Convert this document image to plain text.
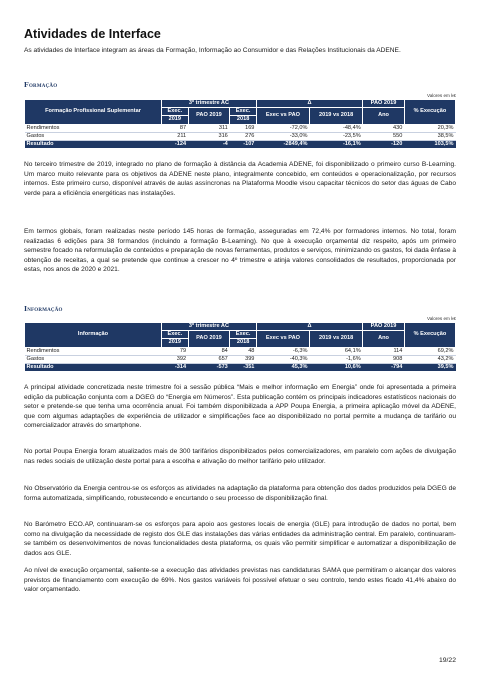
Atividades de Interface

As atividades de Interface integram as áreas da Formação, Informação ao Consumidor e das Relações Institucionais da ADENE.

Formação
Valores em k€
Formação Profissional Suplementar	3º trimestre AC			Δ		PAO 2019	% Execução
	Exec.	PAO 2019	Exec.	Exec vs PAO	2019 vs 2018	Ano	
	2019		2018				
Rendimentos	87	311	169	-72,0%	-48,4%	430	20,3%
Gastos	211	316	276	-33,0%	-23,5%	550	38,5%
Resultado	-124	-4	-107	-2849,4%	-16,1%	-120	103,5%

No terceiro trimestre de 2019, integrado no plano de formação à distância da Academia ADENE, foi disponibilizado o primeiro curso B-Learning. Um marco muito relevante para os objetivos da ADENE neste plano, integralmente concebido, em conteúdos e operacionalização, por recursos internos. Este primeiro curso, disponível através de aulas assíncronas na Plataforma Moodle visou capacitar técnicos do setor das águas de Cabo verde para a eficiência energéticas nas instalações.

Em termos globais, foram realizadas neste período 145 horas de formação, asseguradas em 72,4% por formadores internos. No total, foram realizadas 6 edições para 38 formandos (incluindo a formação B-Learning). No que à execução orçamental diz respeito, após um primeiro semestre focado na reformulação de conteúdos e preparação de novas ferramentas, produtos e serviços, minimizando os gastos, foi dada ênfase à obtenção de receitas, a qual se pretende que continue a crescer no 4º trimestre e atinja valores consolidados de resultados, proporcionada por estas, nos anos de 2020 e 2021.

Informação
Valores em k€
Informação	3º trimestre AC			Δ		PAO 2019	% Execução
	Exec.	PAO 2019	Exec.	Exec vs PAO	2019 vs 2018	Ano	
	2019		2018				
Rendimentos	79	84	48	-6,3%	64,1%	114	69,2%
Gastos	392	657	399	-40,3%	-1,6%	908	43,2%
Resultado	-314	-573	-351	45,3%	10,6%	-794	39,5%

A principal atividade concretizada neste trimestre foi a sessão pública “Mais e melhor informação em Energia” onde foi apresentada a primeira edição da publicação conjunta com a DGEG do “Energia em Números”. Esta publicação contém os principais indicadores estatísticos nacionais do setor e pretende-se que tenha uma ocorrência anual. Foi também disponibilizada a APP Poupa Energia, a primeira aplicação móvel da ADENE, que com algumas adaptações de experiência de utilizador e simplificações face ao disponibilizado no portal permite a mudança de tarifário ou comercializador através do smartphone.

No portal Poupa Energia foram atualizados mais de 300 tarifários disponibilizados pelos comercializadores, em paralelo com ações de divulgação nas redes sociais de utilização deste portal para a escolha e ativação do melhor tarifário pelo utilizador.

No Observatório da Energia centrou-se os esforços as atividades na adaptação da plataforma para obtenção dos dados produzidos pela DGEG de forma automatizada, simplificando, robustecendo e encurtando o seu processo de disponibilização final.

No Barómetro ECO.AP, continuaram-se os esforços para apoio aos gestores locais de energia (GLE) para introdução de dados no portal, bem como na divulgação da necessidade de registo dos GLE das instalações das várias entidades da administração central. Em paralelo, continuaram-se também os desenvolvimentos de novas funcionalidades desta plataforma, os quais vão permitir simplificar e automatizar a disponibilização de dados aos GLE.

Ao nível de execução orçamental, saliente-se a execução das atividades previstas nas candidaturas SAMA que permitiram o alcançar dos valores previstos de financiamento com execução de 69%. Nos gastos variáveis foi possível efetuar o seu controlo, tendo estes ficado 41,4% abaixo do valor orçamentado.

19/22
